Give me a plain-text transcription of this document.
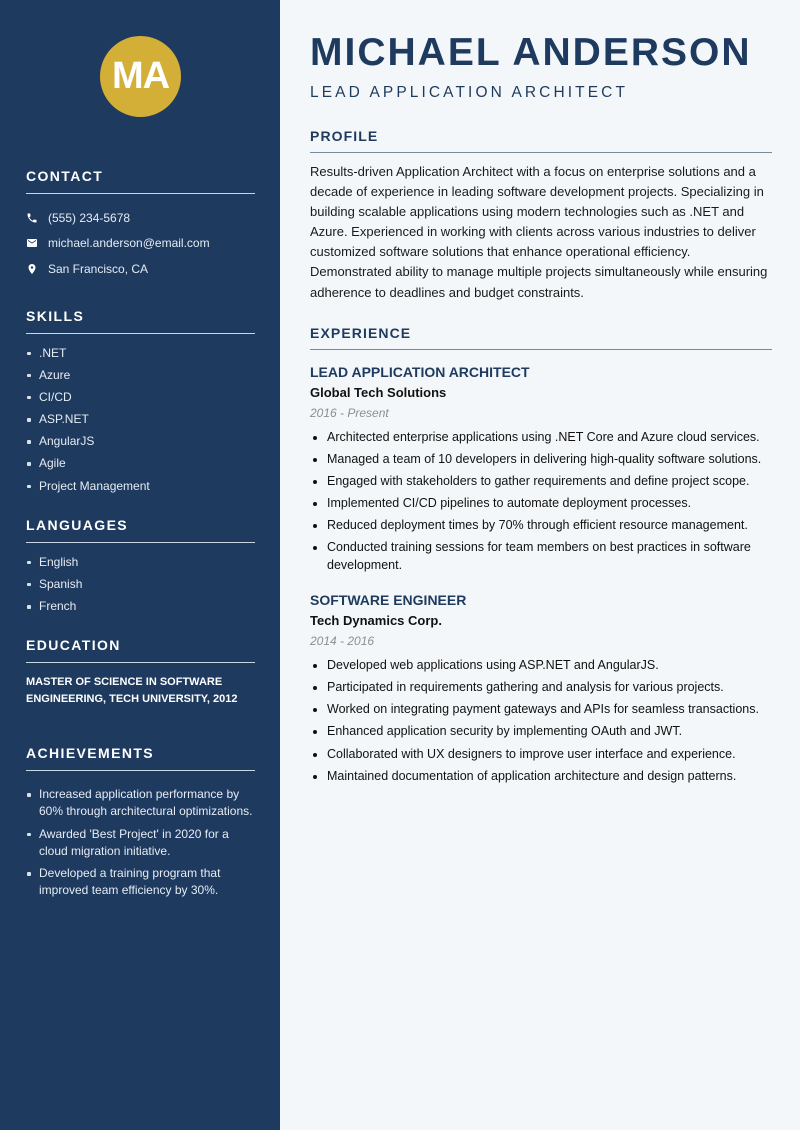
MA
CONTACT
(555) 234-5678
michael.anderson@email.com
San Francisco, CA
SKILLS
.NET
Azure
CI/CD
ASP.NET
AngularJS
Agile
Project Management
LANGUAGES
English
Spanish
French
EDUCATION

MASTER OF SCIENCE IN SOFTWARE ENGINEERING, TECH UNIVERSITY, 2012

ACHIEVEMENTS
Increased application performance by 60% through architectural optimizations.
Awarded 'Best Project' in 2020 for a cloud migration initiative.
Developed a training program that improved team efficiency by 30%.
MICHAEL ANDERSON
LEAD APPLICATION ARCHITECT
PROFILE

Results-driven Application Architect with a focus on enterprise solutions and a decade of experience in leading software development projects. Specializing in building scalable applications using modern technologies such as .NET and Azure. Experienced in working with clients across various industries to deliver customized software solutions that enhance operational efficiency. Demonstrated ability to manage multiple projects simultaneously while ensuring adherence to deadlines and budget constraints.

EXPERIENCE
LEAD APPLICATION ARCHITECT
Global Tech Solutions
2016 - Present
Architected enterprise applications using .NET Core and Azure cloud services.
Managed a team of 10 developers in delivering high-quality software solutions.
Engaged with stakeholders to gather requirements and define project scope.
Implemented CI/CD pipelines to automate deployment processes.
Reduced deployment times by 70% through efficient resource management.
Conducted training sessions for team members on best practices in software development.
SOFTWARE ENGINEER
Tech Dynamics Corp.
2014 - 2016
Developed web applications using ASP.NET and AngularJS.
Participated in requirements gathering and analysis for various projects.
Worked on integrating payment gateways and APIs for seamless transactions.
Enhanced application security by implementing OAuth and JWT.
Collaborated with UX designers to improve user interface and experience.
Maintained documentation of application architecture and design patterns.
